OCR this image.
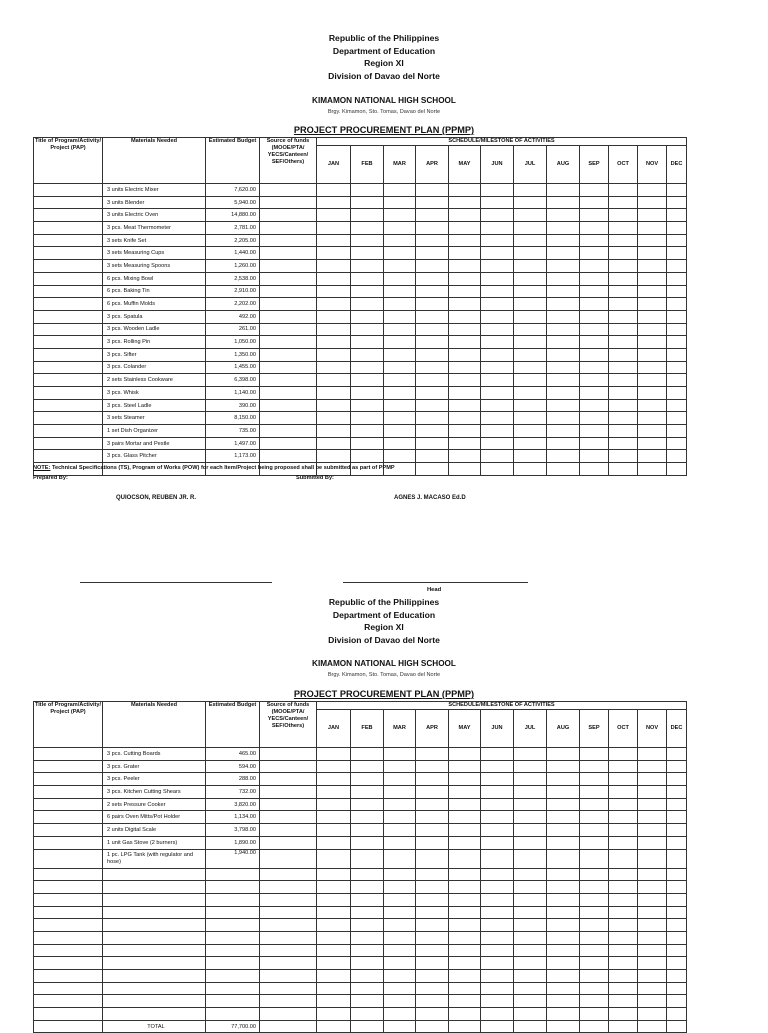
Republic of the Philippines
Department of Education
Region XI
Division of Davao del Norte
KIMAMON NATIONAL HIGH SCHOOL
Brgy. Kimamon, Sto. Tomas, Davao del Norte
PROJECT PROCUREMENT PLAN (PPMP)
Title of Program/Activity/ Project (PAP)	Materials Needed	Estimated Budget	Source of funds (MOOE/PTA/ YECS/Canteen/ SEF/Others)	SCHEDULE/MILESTONE OF ACTIVITIES											
				JAN	FEB	MAR	APR	MAY	JUN	JUL	AUG	SEP	OCT	NOV	DEC
	3 units Electric Mixer	7,620.00													
	3 units Blender	5,940.00													
	3 units Electric Oven	14,880.00													
	3 pcs. Meat Thermometer	2,781.00													
	3 sets Knife Set	2,205.00													
	3 sets Measuring Cups	1,440.00													
	3 sets Measuring Spoons	1,260.00													
	6 pcs. Mixing Bowl	2,538.00													
	6 pcs. Baking Tin	2,910.00													
	6 pcs. Muffin Molds	2,202.00													
	3 pcs. Spatula	492.00													
	3 pcs. Wooden Ladle	261.00													
	3 pcs. Rolling Pin	1,050.00													
	3 pcs. Sifter	1,350.00													
	3 pcs. Colander	1,455.00													
	2 sets Stainless Cookware	6,398.00													
	3 pcs. Whisk	1,140.00													
	3 pcs. Steel Ladle	390.00													
	3 sets Steamer	8,150.00													
	1 set Dish Organizer	735.00													
	3 pairs Mortar and Pestle	1,497.00													
	3 pcs. Glass Pitcher	1,173.00													

NOTE: Technical Specifications (TS), Program of Works (POW) for each Item/Project being proposed shall be submitted as part of PPMP
Prepared By:	Submitted By:
QUIOCSON, REUBEN JR. R.	AGNES J. MACASO Ed.D
Head
Republic of the Philippines
Department of Education
Region XI
Division of Davao del Norte
KIMAMON NATIONAL HIGH SCHOOL
Brgy. Kimamon, Sto. Tomas, Davao del Norte
PROJECT PROCUREMENT PLAN (PPMP)
Title of Program/Activity/ Project (PAP)	Materials Needed	Estimated Budget	Source of funds (MOOE/PTA/ YECS/Canteen/ SEF/Others)	SCHEDULE/MILESTONE OF ACTIVITIES											
				JAN	FEB	MAR	APR	MAY	JUN	JUL	AUG	SEP	OCT	NOV	DEC
	3 pcs. Cutting Boards	465.00													
	3 pcs. Grater	594.00													
	3 pcs. Peeler	288.00													
	3 pcs. Kitchen Cutting Shears	732.00													
	2 sets Pressure Cooker	3,820.00													
	6 pairs Oven Mitts/Pot Holder	1,134.00													
	2 units Digital Scale	3,798.00													
	1 unit Gas Stove (2 burners)	1,890.00													
	1 pc. LPG Tank (with regulator and hose)	1,940.00													

	TOTAL	77,700.00													
